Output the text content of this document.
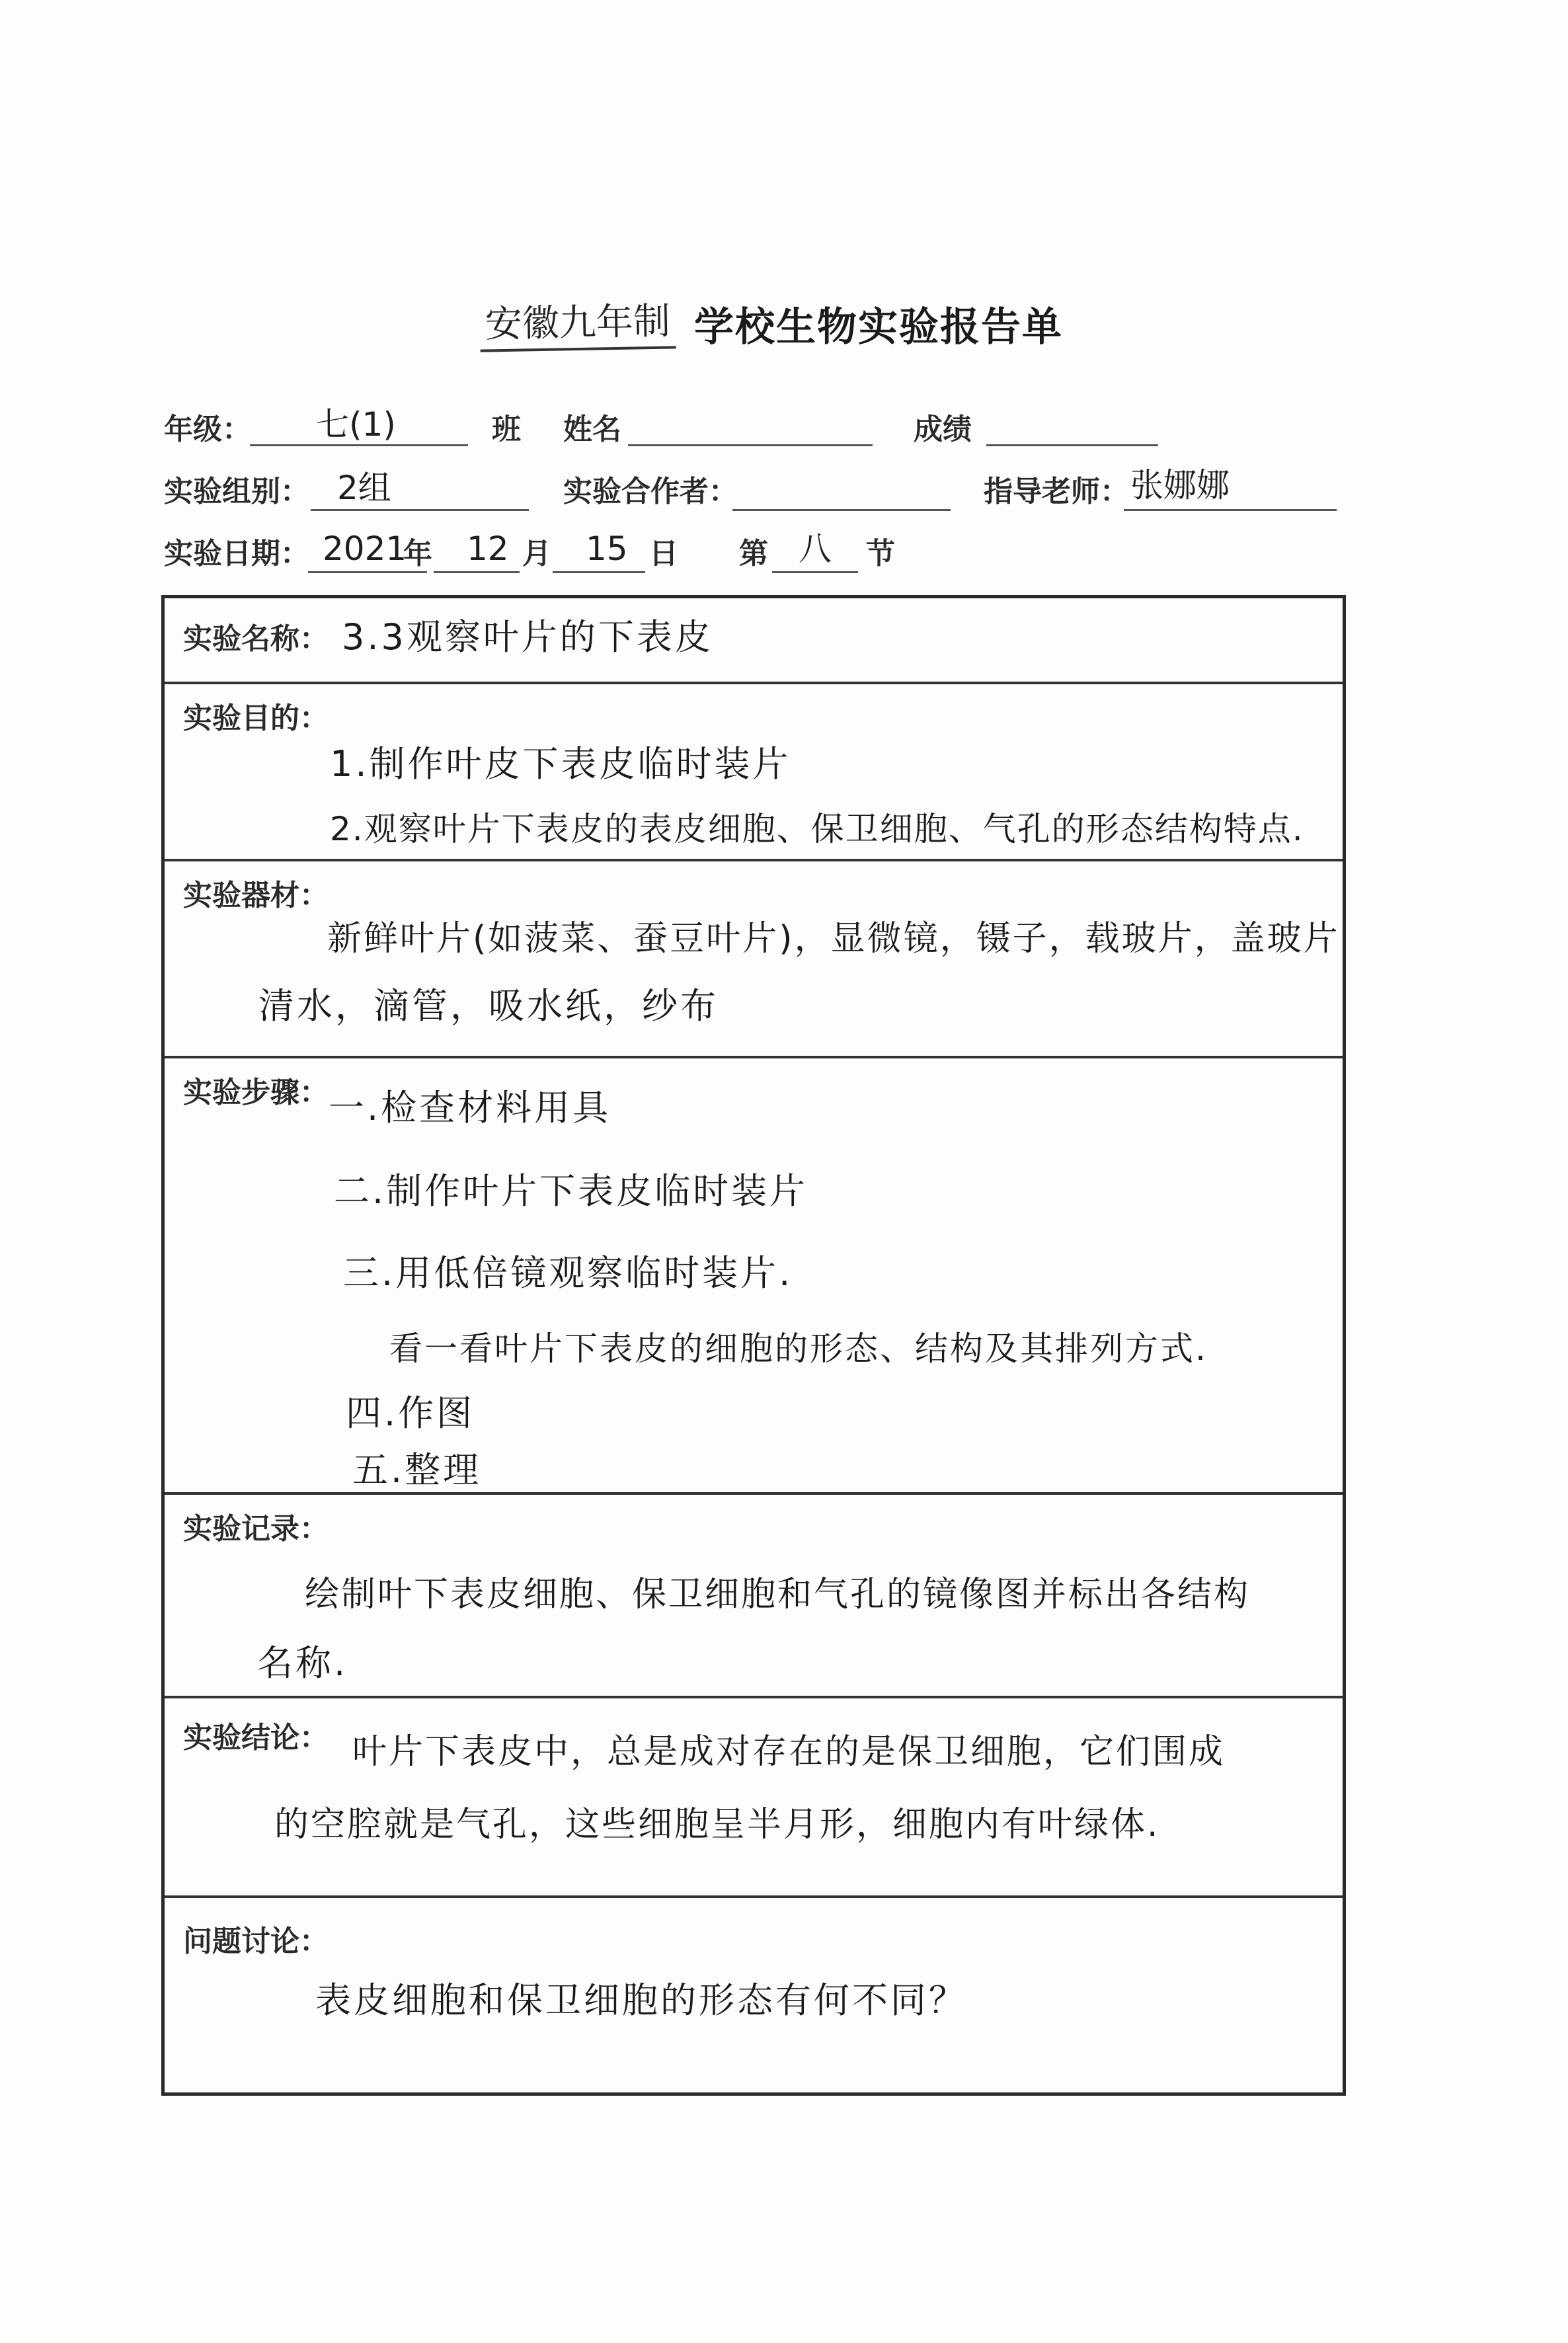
安徽九年制 学校生物实验报告单
年级： 七(1)	班 姓名	成绩
实验组别： 2组	实验合作者：	指导老师： 张娜娜
实验日期： 2021
年 12 月 15 日 第 八 节
实验名称： 3.3观察叶片的下表皮
实验目的：
1.制作叶皮下表皮临时装片
2.观察叶片下表皮的表皮细胞、保卫细胞、气孔的形态结构特点.
实验器材：
新鲜叶片(如菠菜、蚕豆叶片)，显微镜，镊子，载玻片，盖玻片
清水，滴管，吸水纸，纱布
实验步骤： 一.检查材料用具
二.制作叶片下表皮临时装片
三.用低倍镜观察临时装片.
看一看叶片下表皮的细胞的形态、结构及其排列方式.
四.作图
五.整理
实验记录：
绘制叶下表皮细胞、保卫细胞和气孔的镜像图并标出各结构
名称.
实验结论： 叶片下表皮中，总是成对存在的是保卫细胞，它们围成
的空腔就是气孔，这些细胞呈半月形，细胞内有叶绿体.
问题讨论：
表皮细胞和保卫细胞的形态有何不同？
